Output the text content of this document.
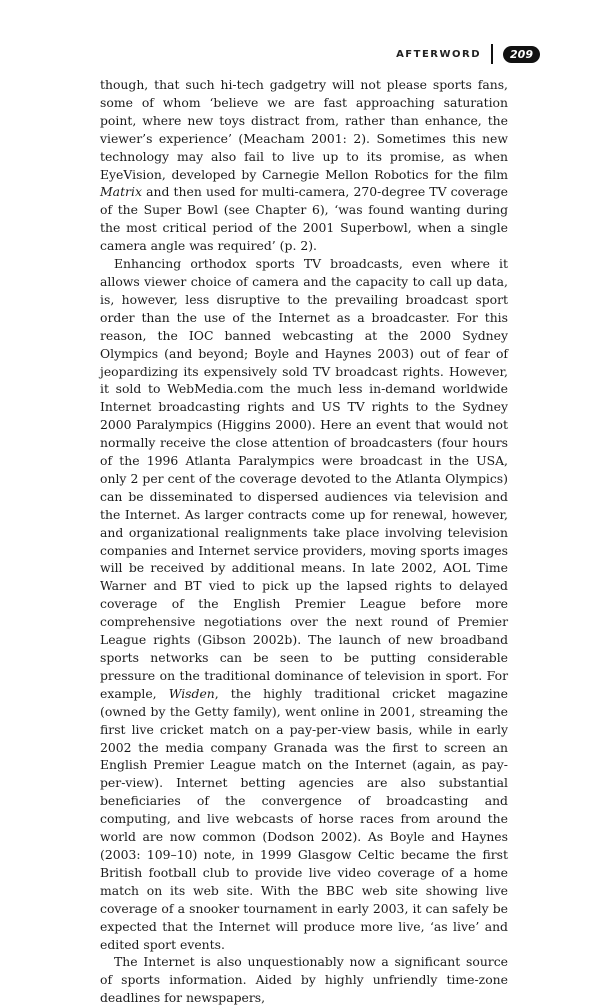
AFTERWORD	209

though, that such hi-tech gadgetry will not please sports fans, some of whom ‘believe we are fast approaching saturation point, where new toys distract from, rather than enhance, the viewer’s experience’ (Meacham 2001: 2). Sometimes this new technology may also fail to live up to its promise, as when EyeVision, developed by Carnegie Mellon Robotics for the film Matrix and then used for multi-camera, 270-degree TV coverage of the Super Bowl (see Chapter 6), ‘was found wanting during the most critical period of the 2001 Superbowl, when a single camera angle was required’ (p. 2).

Enhancing orthodox sports TV broadcasts, even where it allows viewer choice of camera and the capacity to call up data, is, however, less disruptive to the prevailing broadcast sport order than the use of the Internet as a broadcaster. For this reason, the IOC banned webcasting at the 2000 Sydney Olympics (and beyond; Boyle and Haynes 2003) out of fear of jeopardizing its expensively sold TV broadcast rights. However, it sold to WebMedia.com the much less in-demand worldwide Internet broadcasting rights and US TV rights to the Sydney 2000 Paralympics (Higgins 2000). Here an event that would not normally receive the close attention of broadcasters (four hours of the 1996 Atlanta Paralympics were broadcast in the USA, only 2 per cent of the coverage devoted to the Atlanta Olympics) can be disseminated to dispersed audiences via television and the Internet. As larger contracts come up for renewal, however, and organizational realignments take place involving television companies and Internet service providers, moving sports images will be received by additional means. In late 2002, AOL Time Warner and BT vied to pick up the lapsed rights to delayed coverage of the English Premier League before more comprehensive negotiations over the next round of Premier League rights (Gibson 2002b). The launch of new broadband sports networks can be seen to be putting considerable pressure on the traditional dominance of television in sport. For example, Wisden, the highly traditional cricket magazine (owned by the Getty family), went online in 2001, streaming the first live cricket match on a pay-per-view basis, while in early 2002 the media company Granada was the first to screen an English Premier League match on the Internet (again, as pay-per-view). Internet betting agencies are also substantial beneficiaries of the convergence of broadcasting and computing, and live webcasts of horse races from around the world are now common (Dodson 2002). As Boyle and Haynes (2003: 109–10) note, in 1999 Glasgow Celtic became the first British football club to provide live video coverage of a home match on its web site. With the BBC web site showing live coverage of a snooker tournament in early 2003, it can safely be expected that the Internet will produce more live, ‘as live’ and edited sport events.

The Internet is also unquestionably now a significant source of sports information. Aided by highly unfriendly time-zone deadlines for newspapers,
